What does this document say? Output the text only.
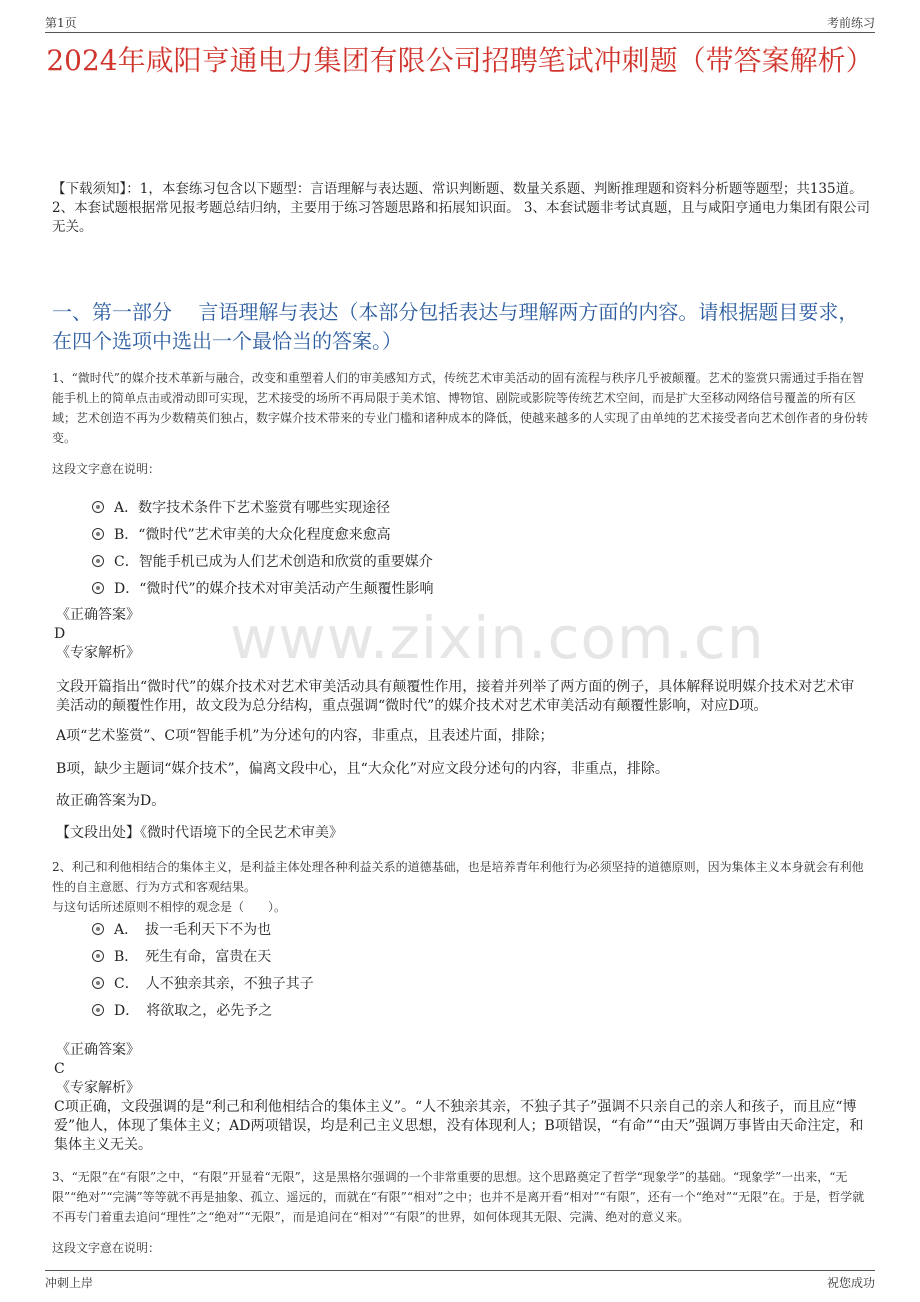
第1页	考前练习
2024年咸阳亨通电力集团有限公司招聘笔试冲刺题（带答案解析）
【下载须知】：1，本套练习包含以下题型：言语理解与表达题、常识判断题、数量关系题、判断推理题和资料分析题等题型；共135道。 2、本套试题根据常见报考题总结归纳，主要用于练习答题思路和拓展知识面。 3、本套试题非考试真题，且与咸阳亨通电力集团有限公司无关。
一、第一部分　 言语理解与表达（本部分包括表达与理解两方面的内容。请根据题目要求，在四个选项中选出一个最恰当的答案。）
1、“微时代”的媒介技术革新与融合，改变和重塑着人们的审美感知方式，传统艺术审美活动的固有流程与秩序几乎被颠覆。艺术的鉴赏只需通过手指在智能手机上的简单点击或滑动即可实现，艺术接受的场所不再局限于美术馆、博物馆、剧院或影院等传统艺术空间，而是扩大至移动网络信号覆盖的所有区域；艺术创造不再为少数精英们独占，数字媒介技术带来的专业门槛和诸种成本的降低，使越来越多的人实现了由单纯的艺术接受者向艺术创作者的身份转变。
这段文字意在说明：
A．数字技术条件下艺术鉴赏有哪些实现途径
B．“微时代”艺术审美的大众化程度愈来愈高
C．智能手机已成为人们艺术创造和欣赏的重要媒介
D．“微时代”的媒介技术对审美活动产生颠覆性影响
《正确答案》
D
《专家解析》 www.zixin.com.cn
文段开篇指出“微时代”的媒介技术对艺术审美活动具有颠覆性作用，接着并列举了两方面的例子，具体解释说明媒介技术对艺术审美活动的颠覆性作用，故文段为总分结构，重点强调“微时代”的媒介技术对艺术审美活动有颠覆性影响，对应D项。
A项“艺术鉴赏”、C项“智能手机”为分述句的内容，非重点，且表述片面，排除；
B项，缺少主题词“媒介技术”，偏离文段中心，且“大众化”对应文段分述句的内容，非重点，排除。
故正确答案为D。
【文段出处】《微时代语境下的全民艺术审美》
2、利己和利他相结合的集体主义，是利益主体处理各种利益关系的道德基础，也是培养青年利他行为必须坚持的道德原则，因为集体主义本身就会有利他性的自主意愿、行为方式和客观结果。
与这句话所述原则不相悖的观念是（　　）。
A．　拔一毛利天下不为也
B．　死生有命，富贵在天
C．　人不独亲其亲，不独子其子
D．　将欲取之，必先予之
《正确答案》
C
《专家解析》
C项正确，文段强调的是“利己和利他相结合的集体主义”。“人不独亲其亲，不独子其子”强调不只亲自己的亲人和孩子，而且应“博爱”他人，体现了集体主义；AD两项错误，均是利己主义思想，没有体现利人；B项错误，“有命”“由天”强调万事皆由天命注定，和集体主义无关。
3、“无限”在“有限”之中，“有限”开显着“无限”，这是黑格尔强调的一个非常重要的思想。这个思路奠定了哲学“现象学”的基础。“现象学”一出来，“无限”“绝对”“完满”等等就不再是抽象、孤立、遥远的，而就在“有限”“相对”之中；也并不是离开看“相对”“有限”，还有一个“绝对”“无限”在。于是，哲学就不再专门着重去追问“理性”之“绝对”“无限”，而是追问在“相对”“有限”的世界，如何体现其无限、完满、绝对的意义来。
这段文字意在说明：
冲刺上岸	祝您成功
